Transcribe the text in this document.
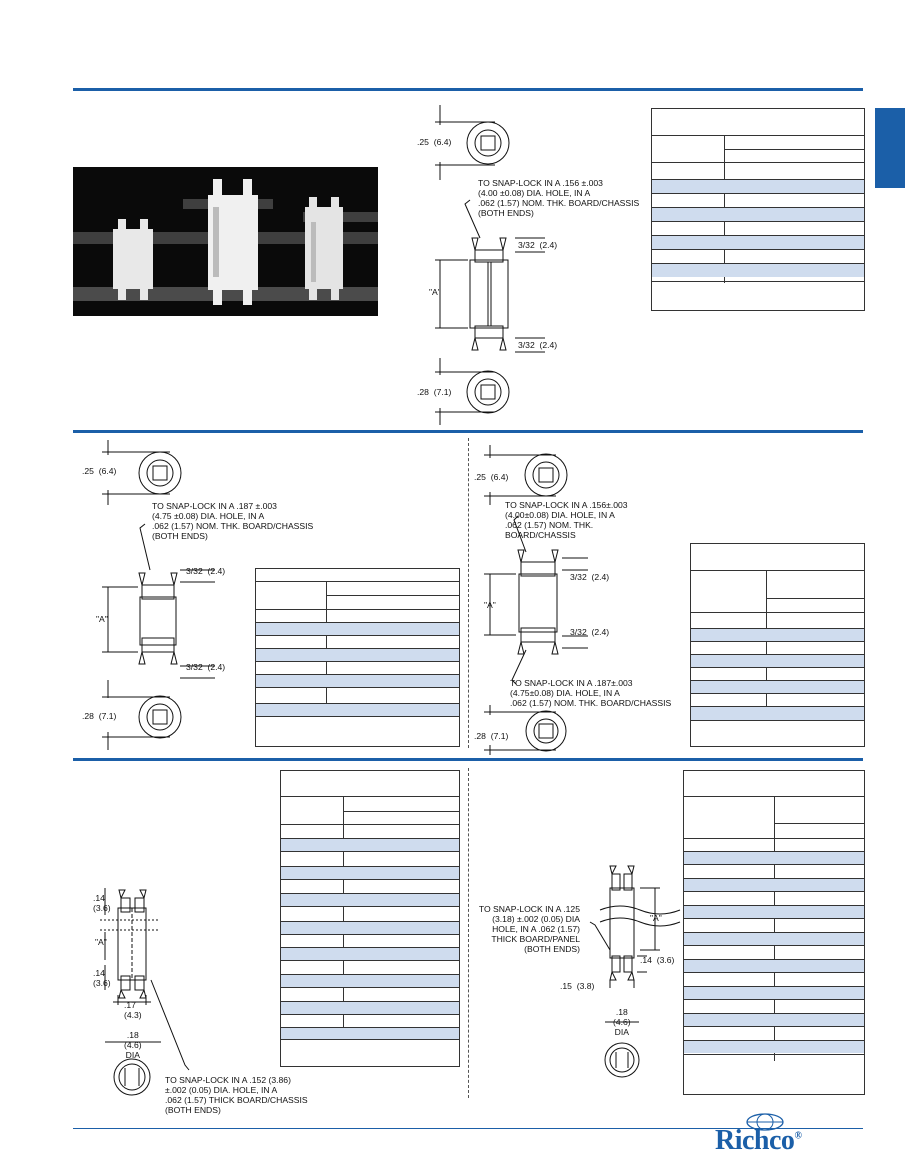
.25  (6.4)
TO SNAP-LOCK IN A .156 ±.003
(4.00 ±0.08) DIA. HOLE, IN A
.062 (1.57) NOM. THK. BOARD/CHASSIS
(BOTH ENDS)
3/32  (2.4)
"A"
3/32  (2.4)
.28  (7.1)
.25  (6.4)
TO SNAP-LOCK IN A .187 ±.003
(4.75 ±0.08) DIA. HOLE, IN A
.062 (1.57) NOM. THK. BOARD/CHASSIS
(BOTH ENDS)
3/32  (2.4)
"A"
3/32  (2.4)
.28  (7.1)
.25  (6.4)
TO SNAP-LOCK IN A .156±.003
(4.00±0.08) DIA. HOLE, IN A
.062 (1.57) NOM. THK.
BOARD/CHASSIS
3/32  (2.4)
"A"
3/32  (2.4)
TO SNAP-LOCK IN A .187±.003
(4.75±0.08) DIA. HOLE, IN A
.062 (1.57) NOM. THK. BOARD/CHASSIS
.28  (7.1)
.14
(3.6)
"A"
.14
(3.6)
.17
(4.3)
.18
(4.6)
DIA
TO SNAP-LOCK IN A .152 (3.86)
±.002 (0.05) DIA. HOLE, IN A
.062 (1.57) THICK BOARD/CHASSIS
(BOTH ENDS)
TO SNAP-LOCK IN A .125
(3.18) ±.002 (0.05) DIA
HOLE, IN A .062 (1.57)
THICK BOARD/PANEL
(BOTH ENDS)
"A"
.14  (3.6)
.15  (3.8)
.18
(4.6)
DIA
Richco®
